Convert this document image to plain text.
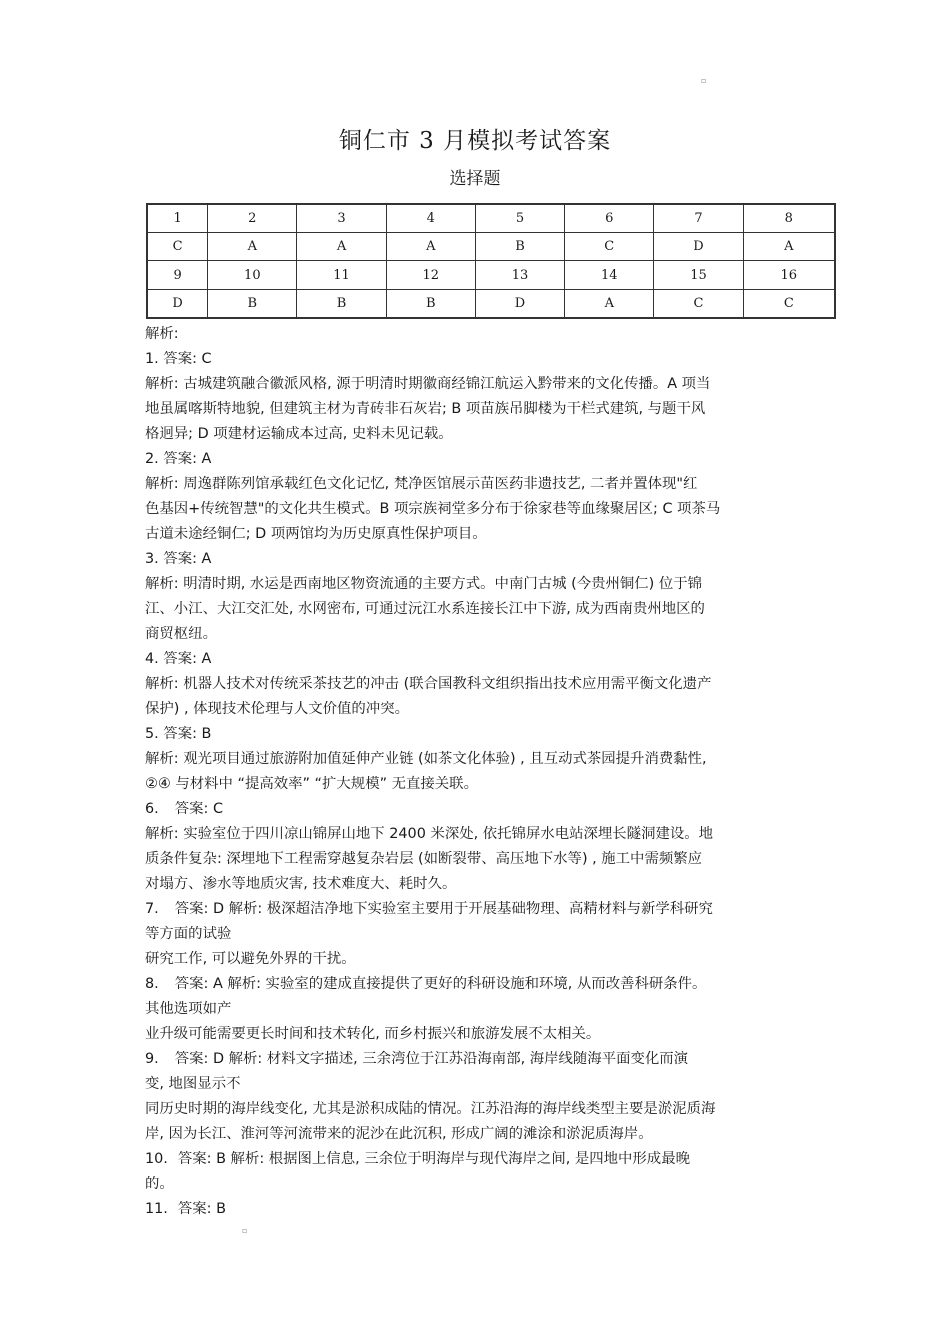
▫
铜仁市 3 月模拟考试答案
选择题
1	2	3	4	5	6	7	8
C	A	A	A	B	C	D	A
9	10	11	12	13	14	15	16
D	B	B	B	D	A	C	C

解析:

1. 答案: C

解析: 古城建筑融合徽派风格, 源于明清时期徽商经锦江航运入黔带来的文化传播。A 项当

地虽属喀斯特地貌, 但建筑主材为青砖非石灰岩; B 项苗族吊脚楼为干栏式建筑, 与题干风

格迥异; D 项建材运输成本过高, 史料未见记载。

2. 答案: A

解析: 周逸群陈列馆承载红色文化记忆, 梵净医馆展示苗医药非遗技艺, 二者并置体现"红

色基因+传统智慧"的文化共生模式。B 项宗族祠堂多分布于徐家巷等血缘聚居区; C 项茶马

古道未途经铜仁; D 项两馆均为历史原真性保护项目。

3. 答案: A

解析: 明清时期, 水运是西南地区物资流通的主要方式。中南门古城 (今贵州铜仁) 位于锦

江、小江、大江交汇处, 水网密布, 可通过沅江水系连接长江中下游, 成为西南贵州地区的

商贸枢纽。

4. 答案: A

解析: 机器人技术对传统采茶技艺的冲击 (联合国教科文组织指出技术应用需平衡文化遗产

保护) , 体现技术伦理与人文价值的冲突。

5. 答案: B

解析: 观光项目通过旅游附加值延伸产业链 (如茶文化体验) , 且互动式茶园提升消费黏性,

②④ 与材料中 “提高效率” “扩大规模” 无直接关联。

6. 答案: C

解析: 实验室位于四川凉山锦屏山地下 2400 米深处, 依托锦屏水电站深埋长隧洞建设。地

质条件复杂: 深埋地下工程需穿越复杂岩层 (如断裂带、高压地下水等) , 施工中需频繁应

对塌方、渗水等地质灾害, 技术难度大、耗时久。

7. 答案: D 解析: 极深超洁净地下实验室主要用于开展基础物理、高精材料与新学科研究

等方面的试验

研究工作, 可以避免外界的干扰。

8. 答案: A 解析: 实验室的建成直接提供了更好的科研设施和环境, 从而改善科研条件。

其他选项如产

业升级可能需要更长时间和技术转化, 而乡村振兴和旅游发展不太相关。

9. 答案: D 解析: 材料文字描述, 三余湾位于江苏沿海南部, 海岸线随海平面变化而演

变, 地图显示不

同历史时期的海岸线变化, 尤其是淤积成陆的情况。江苏沿海的海岸线类型主要是淤泥质海

岸, 因为长江、淮河等河流带来的泥沙在此沉积, 形成广阔的滩涂和淤泥质海岸。

10. 答案: B 解析: 根据图上信息, 三余位于明海岸与现代海岸之间, 是四地中形成最晚

的。

11. 答案: B

▫
